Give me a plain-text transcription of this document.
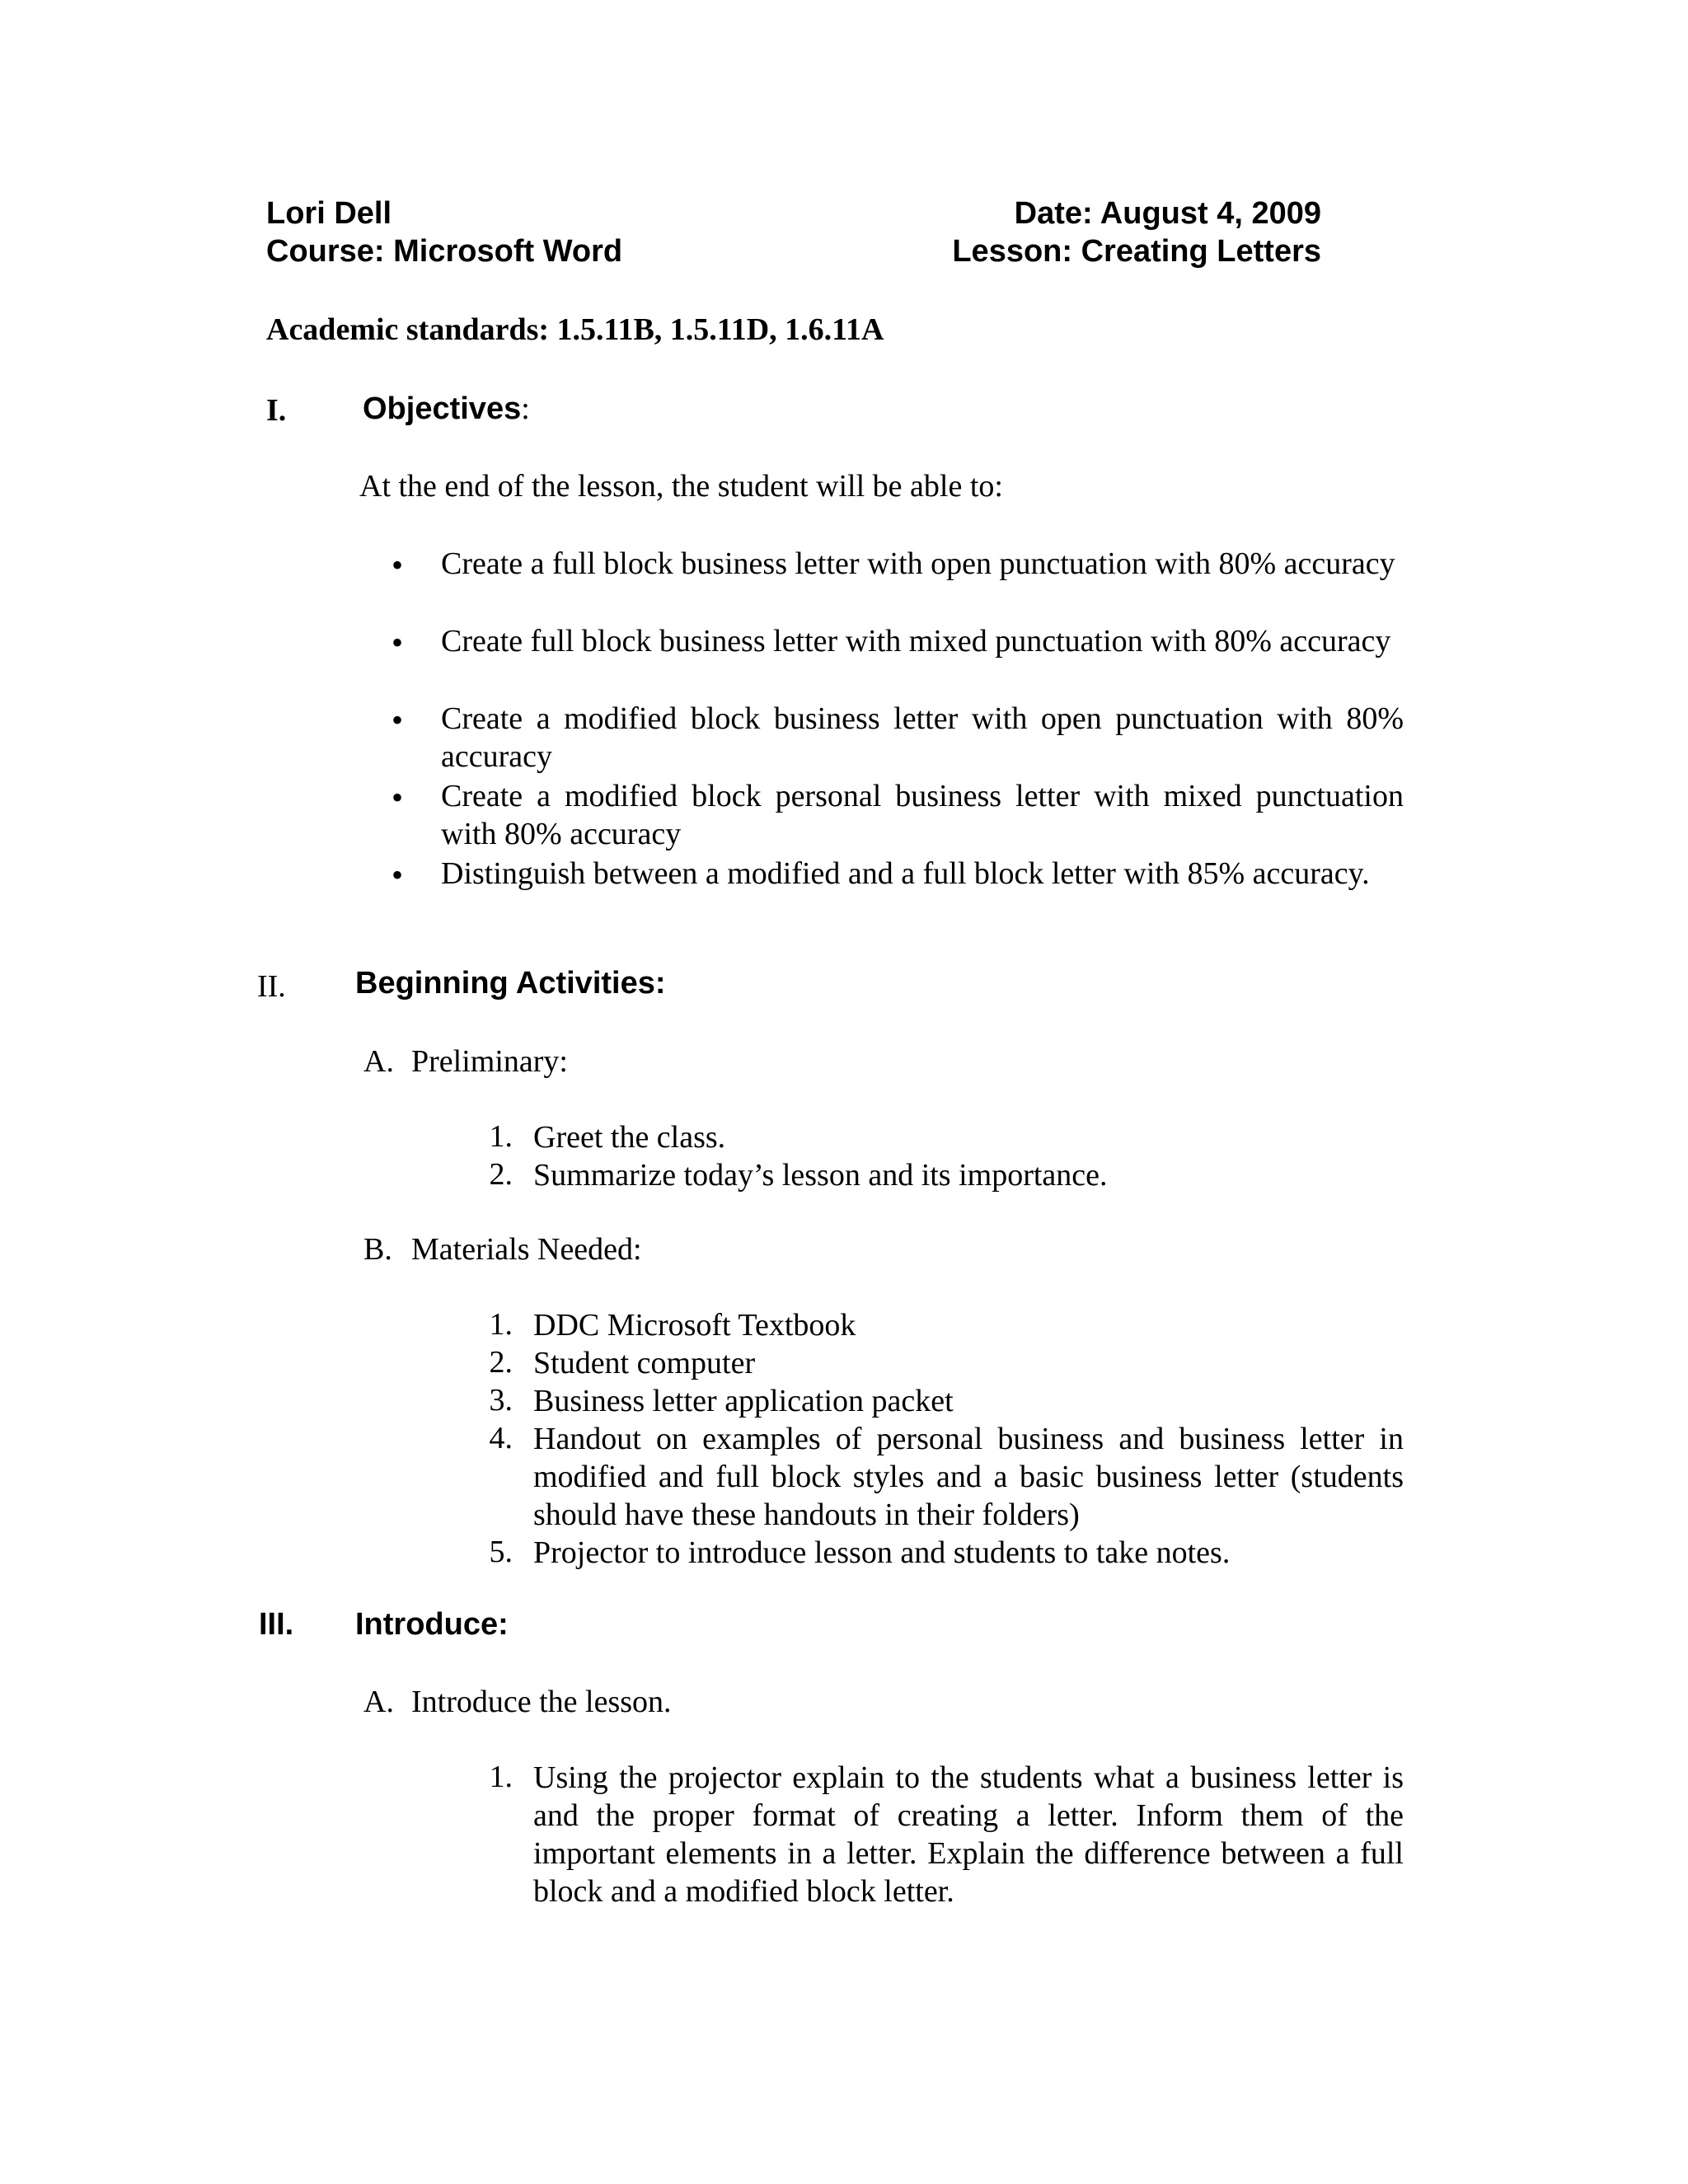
Lori Dell
Course: Microsoft Word
Date: August 4, 2009
Lesson: Creating Letters
Academic standards: 1.5.11B, 1.5.11D, 1.6.11A
I. Objectives:
At the end of the lesson, the student will be able to:
• Create a full block business letter with open punctuation with 80% accuracy
• Create full block business letter with mixed punctuation with 80% accuracy
• Create a modified block business letter with open punctuation with 80% accuracy
• Create a modified block personal business letter with mixed punctuation with 80% accuracy
• Distinguish between a modified and a full block letter with 85% accuracy.
II. Beginning Activities:
A. Preliminary:
1. Greet the class.
2. Summarize today’s lesson and its importance.
B. Materials Needed:
1. DDC Microsoft Textbook
2. Student computer
3. Business letter application packet
4. Handout on examples of personal business and business letter in modified and full block styles and a basic business letter (students should have these handouts in their folders)
5. Projector to introduce lesson and students to take notes.
III. Introduce:
A. Introduce the lesson.
1. Using the projector explain to the students what a business letter is and the proper format of creating a letter. Inform them of the important elements in a letter. Explain the difference between a full block and a modified block letter.
